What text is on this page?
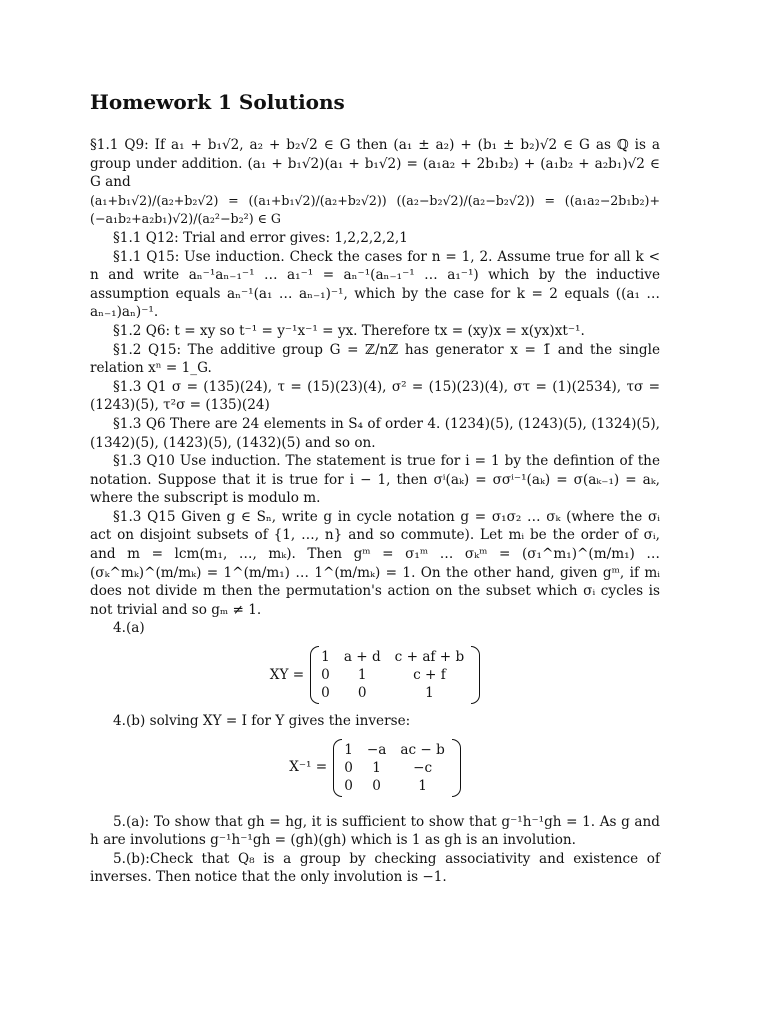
Homework 1 Solutions

§1.1 Q9: If a₁ + b₁√2, a₂ + b₂√2 ∈ G then (a₁ ± a₂) + (b₁ ± b₂)√2 ∈ G as ℚ is a group under addition. (a₁ + b₁√2)(a₁ + b₁√2) = (a₁a₂ + 2b₁b₂) + (a₁b₂ + a₂b₁)√2 ∈ G and

(a₁+b₁√2)/(a₂+b₂√2) = ((a₁+b₁√2)/(a₂+b₂√2)) ((a₂−b₂√2)/(a₂−b₂√2)) = ((a₁a₂−2b₁b₂)+(−a₁b₂+a₂b₁)√2)/(a₂²−b₂²) ∈ G

§1.1 Q12: Trial and error gives: 1,2,2,2,2,1

§1.1 Q15: Use induction. Check the cases for n = 1, 2. Assume true for all k < n and write aₙ⁻¹aₙ₋₁⁻¹ … a₁⁻¹ = aₙ⁻¹(aₙ₋₁⁻¹ … a₁⁻¹) which by the inductive assumption equals aₙ⁻¹(a₁ … aₙ₋₁)⁻¹, which by the case for k = 2 equals ((a₁ … aₙ₋₁)aₙ)⁻¹.

§1.2 Q6: t = xy so t⁻¹ = y⁻¹x⁻¹ = yx. Therefore tx = (xy)x = x(yx)xt⁻¹.

§1.2 Q15: The additive group G = ℤ/nℤ has generator x = 1̄ and the single relation xⁿ = 1_G.

§1.3 Q1 σ = (135)(24), τ = (15)(23)(4), σ² = (15)(23)(4), στ = (1)(2534), τσ = (1243)(5), τ²σ = (135)(24)

§1.3 Q6 There are 24 elements in S₄ of order 4. (1234)(5), (1243)(5), (1324)(5), (1342)(5), (1423)(5), (1432)(5) and so on.

§1.3 Q10 Use induction. The statement is true for i = 1 by the defintion of the notation. Suppose that it is true for i − 1, then σⁱ(aₖ) = σσⁱ⁻¹(aₖ) = σ(aₖ₋₁) = aₖ, where the subscript is modulo m.

§1.3 Q15 Given g ∈ Sₙ, write g in cycle notation g = σ₁σ₂ … σₖ (where the σᵢ act on disjoint subsets of {1, …, n} and so commute). Let mᵢ be the order of σᵢ, and m = lcm(m₁, …, mₖ). Then gᵐ = σ₁ᵐ … σₖᵐ = (σ₁^m₁)^(m/m₁) … (σₖ^mₖ)^(m/mₖ) = 1^(m/m₁) … 1^(m/mₖ) = 1. On the other hand, given gᵐ, if mᵢ does not divide m then the permutation's action on the subset which σᵢ cycles is not trivial and so gₘ ≠ 1.

4.(a)

XY =
1	a + d	c + af + b
0	1	c + f
0	0	1

4.(b) solving XY = I for Y gives the inverse:

X⁻¹ =
1	−a	ac − b
0	1	−c
0	0	1

5.(a): To show that gh = hg, it is sufficient to show that g⁻¹h⁻¹gh = 1. As g and h are involutions g⁻¹h⁻¹gh = (gh)(gh) which is 1 as gh is an involution.

5.(b):Check that Q₈ is a group by checking associativity and existence of inverses. Then notice that the only involution is −1.
